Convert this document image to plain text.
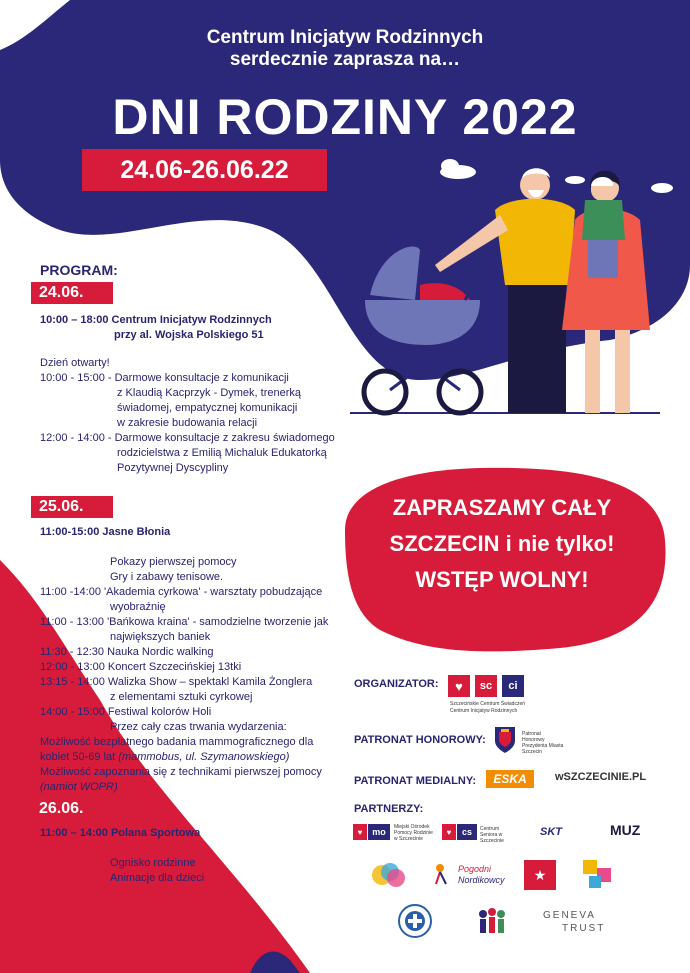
Centrum Inicjatyw Rodzinnych
serdecznie zaprasza na…
DNI RODZINY 2022
24.06-26.06.22
PROGRAM:
24.06.
10:00 – 18:00 Centrum Inicjatyw Rodzinnych
przy al. Wojska Polskiego 51
Dzień otwarty!
10:00 - 15:00 - Darmowe konsultacje z komunikacji
z Klaudią Kacprzyk - Dymek, trenerką
świadomej, empatycznej komunikacji
w zakresie budowania relacji
12:00 - 14:00 - Darmowe konsultacje z zakresu świadomego
rodzicielstwa z Emilią Michaluk Edukatorką
Pozytywnej Dyscypliny
25.06.
11:00-15:00 Jasne Błonia
Pokazy pierwszej pomocy
Gry i zabawy tenisowe.
11:00 -14:00 'Akademia cyrkowa' - warsztaty pobudzające
wyobraźnię
11:00 - 13:00 'Bańkowa kraina' - samodzielne tworzenie jak
największych baniek
11:30 - 12:30 Nauka Nordic walking
12:00 - 13:00 Koncert Szczecińskiej 13tki
13:15 - 14:00 Walizka Show – spektakl Kamila Żonglera
z elementami sztuki cyrkowej
14:00 - 15:00 Festiwal kolorów Holi
Przez cały czas trwania wydarzenia:
Możliwość bezpłatnego badania mammograficznego dla
kobiet 50-69 lat (mammobus, ul. Szymanowskiego)
Możliwość zapoznania się z technikami pierwszej pomocy
(namiot WOPR)
26.06.
11:00 – 14:00 Polana Sportowa
Ognisko rodzinne
Animacje dla dzieci
ZAPRASZAMY CAŁY
SZCZECIN i nie tylko!
WSTĘP WOLNY!
ORGANIZATOR:	♥	sc	ci
Szczecińskie Centrum Świadczeń
Centrum Inicjatyw Rodzinnych
PATRONAT HONOROWY:	Patronat Honorowy Prezydenta Miasta Szczecin
PATRONAT MEDIALNY:	ESKA	wSZCZECINIE.PL
PARTNERZY:
♥	mo	Miejski Ośrodek Pomocy Rodzinie w Szczecinie
♥	cs	Centrum Seniora w Szczecinie
SKT	MUZ
Pogodni
Nordikowcy	★
GENEVA
TRUST
